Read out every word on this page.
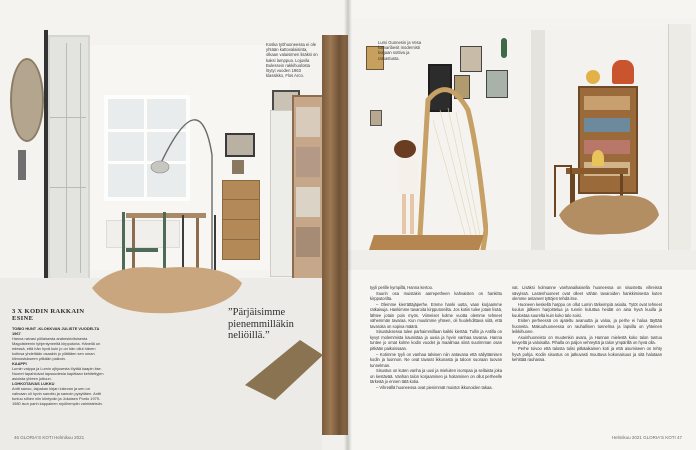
Koska työhuoneessa ei ole yhtään kattovalaisinta, olkaan valaisimen lisäksi on kaksi lamppua. Lojuvila Bulessein rakkihuolosta löytyi vuoden 1963 klassikko, Flos Arco.
3 X KODIN RAKKAIN ESINE
TOBIO HUNT -KLOKKVAN JULISTE VUODELTA 1967
Hanna raivasi pöllaisesta arabeskivitoisesta Magoisteenin tyhjentyneeltä kirpputoria. Hänellä on edessä, että hän hyvä kuin jo on hän ollut hänen kotinsa yhdeltään osaakin jo yllättäen sen oman kiinnostukseen pitkään paikoin.
KAAPPI
Lumin vaippa ja Lumin ojhjusesta löytää kaapin itse. Nuoret tapahtuivat lapsuudesta kapittaan kehitettyjen asioista yhteen juttuun.
LOHKOTAIVAS LUKKU
Antti sanoo, laipakan kirjan lukevan ja sen on vahvaan oli hyvin sanottu ja samoin pysyttäen. Antti tuntuu siihen niin kiintyvän ja Jokaisen Ponto 1979-1980 ison parin kappaleen myöhempiin valmisteisiin.
”Pärjäisimme pienemmilläkin neliöillä.”
46 GLORIA'S KOTI Helmikuu 2021
Lumi Gunnesin ja Vesa kamaribesit modernisti korjaan sottiva ja ratsastusta.

tyyli perille kympillä, Hanna kertoo.

Suurin osa muistakin aarrepetheen kahvaisten on hankittu kirpputorilta.

– Olemme kierrättäjäperhe. Emme hanki uutta, vaan korjaamme ratkaisuja. Hankimme tavaroita kirpputoreilta. Jos kotiin tulee jotain lisää, lähtee jotain pois myös. Viimeiset kolme vuotta olemme tehneet vähemmän tavaraa. Kun muutimme yhteen, oli huolehdittava siitä, että tavaroita on sopiva määrä.

Sisustuksessa tulee parhaimmillaan kaikki kiertää. Tullin ja Antilla on kyvyt molemmista kaunistaa ja uusia ja hyvin vanhaa tavaraa. Hanna tuntee jo omat kolme kodin vuodet ja maailmaa siinä suurimman osan pitkään paikoissaan.

– Kotimme tyyli on vanhaa talvisen niin antavana että säilyttämisen kodin ja luonnon. Ne ovat tavarat ikkunasta ja taloon suoraan tuovan tunnelman.

Sisustus on kuten vanha ja uusi ja mieluiten isompaa ja sellaista joka on kestävää. Vanhan talon korjaaminen ja hoitaminen on ollut perheelle tärkeää jo ennen tätä kotia.

– Vihreällä huoneessa ovat pienimmät muistot ikkunoiden takaa.

vat. Lisäksi kolmanne vanhanaikaisella huoneessa on sisustettu vihreissä sävyissä. Lastenhuoneet ovat olleet vähän tavaroiden hankkimisesta kuten olemme antaneet tyttöjen tehdä itse.

Huoneen keskellä harppu on ollut Lumin tärkeimpiä asioita. Tytöt ovat tehneet koulun jälkeen harjoittelua ja tunnin kuluttua heidät on aina hyvä kuulla ja kuulostaa suurelta kuin koko talo soisi.

Eniten perheessä on ajateltu avaruutta ja valoa, ja perhe ei halua täyttää huoneita. Makuuhuoneessa on rauhallinen tunnelma ja lapsilla on yhteinen leikkihuone.

Asuinhuoneisto on muutenkin avara, ja Hannan mielestä koko talon tuntuu kevyeltä ja valoisalta. Pihalla on paljon vehreyttä ja talon ympärillä on hyvä olla.

Perhe toivoo että talosta tulisi pitkäaikainen koti ja että asumiseen on tehty hyvä pohja. Kodin sisustus on jatkuvasti muuttuva kokonaisuus ja sitä halutaan kehittää rauhassa.

Helmikuu 2021 GLORIA'S KOTI 47
